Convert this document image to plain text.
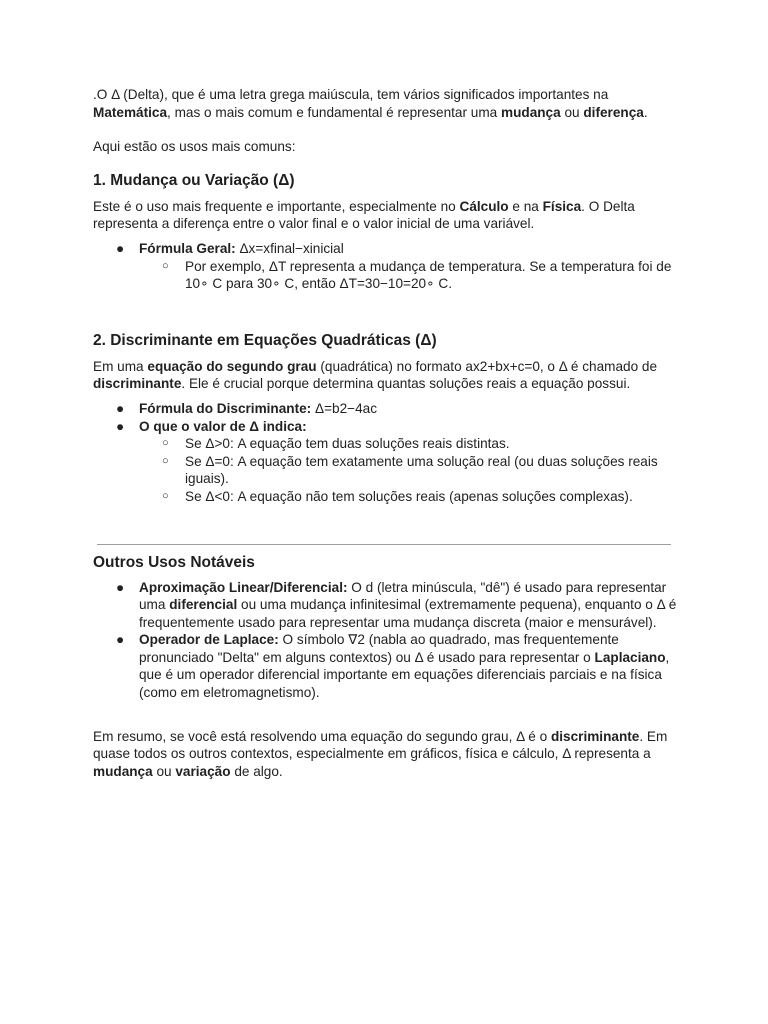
.O Δ (Delta), que é uma letra grega maiúscula, tem vários significados importantes na Matemática, mas o mais comum e fundamental é representar uma mudança ou diferença.

Aqui estão os usos mais comuns:

1. Mudança ou Variação (Δ)

Este é o uso mais frequente e importante, especialmente no Cálculo e na Física. O Delta representa a diferença entre o valor final e o valor inicial de uma variável.

● Fórmula Geral: Δx=xfinal−xinicial
○ Por exemplo, ΔT representa a mudança de temperatura. Se a temperatura foi de 10∘ C para 30∘ C, então ΔT=30−10=20∘ C.
2. Discriminante em Equações Quadráticas (Δ)

Em uma equação do segundo grau (quadrática) no formato ax2+bx+c=0, o Δ é chamado de discriminante. Ele é crucial porque determina quantas soluções reais a equação possui.

● Fórmula do Discriminante: Δ=b2−4ac
● O que o valor de Δ indica:
○ Se Δ>0: A equação tem duas soluções reais distintas.
○ Se Δ=0: A equação tem exatamente uma solução real (ou duas soluções reais iguais).
○ Se Δ<0: A equação não tem soluções reais (apenas soluções complexas).
Outros Usos Notáveis
● Aproximação Linear/Diferencial: O d (letra minúscula, "dê") é usado para representar uma diferencial ou uma mudança infinitesimal (extremamente pequena), enquanto o Δ é frequentemente usado para representar uma mudança discreta (maior e mensurável).
● Operador de Laplace: O símbolo ∇2 (nabla ao quadrado, mas frequentemente pronunciado "Delta" em alguns contextos) ou Δ é usado para representar o Laplaciano, que é um operador diferencial importante em equações diferenciais parciais e na física (como em eletromagnetismo).

Em resumo, se você está resolvendo uma equação do segundo grau, Δ é o discriminante. Em quase todos os outros contextos, especialmente em gráficos, física e cálculo, Δ representa a mudança ou variação de algo.
